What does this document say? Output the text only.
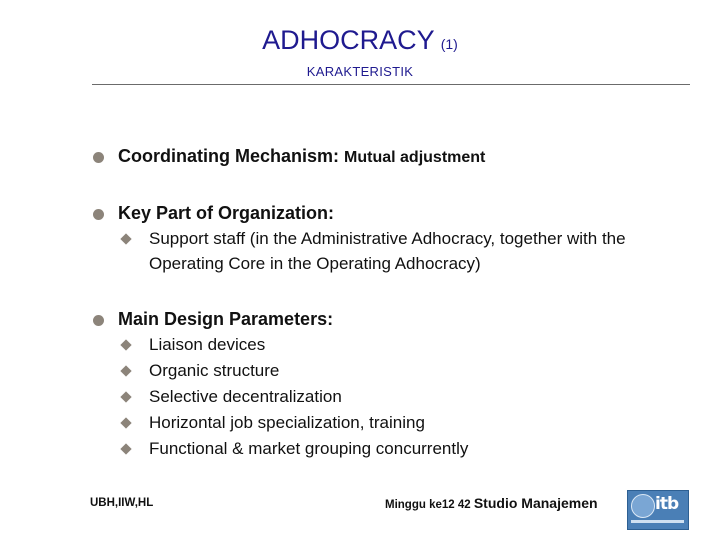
ADHOCRACY (1)
KARAKTERISTIK
Coordinating Mechanism: Mutual adjustment
Key Part of Organization:
Support staff (in the Administrative Adhocracy, together with the
Operating Core in the Operating Adhocracy)
Main Design Parameters:
Liaison devices
Organic structure
Selective decentralization
Horizontal job specialization, training
Functional & market grouping concurrently
UBH,IIW,HL	Minggu ke12 42 Studio Manajemen	itb
